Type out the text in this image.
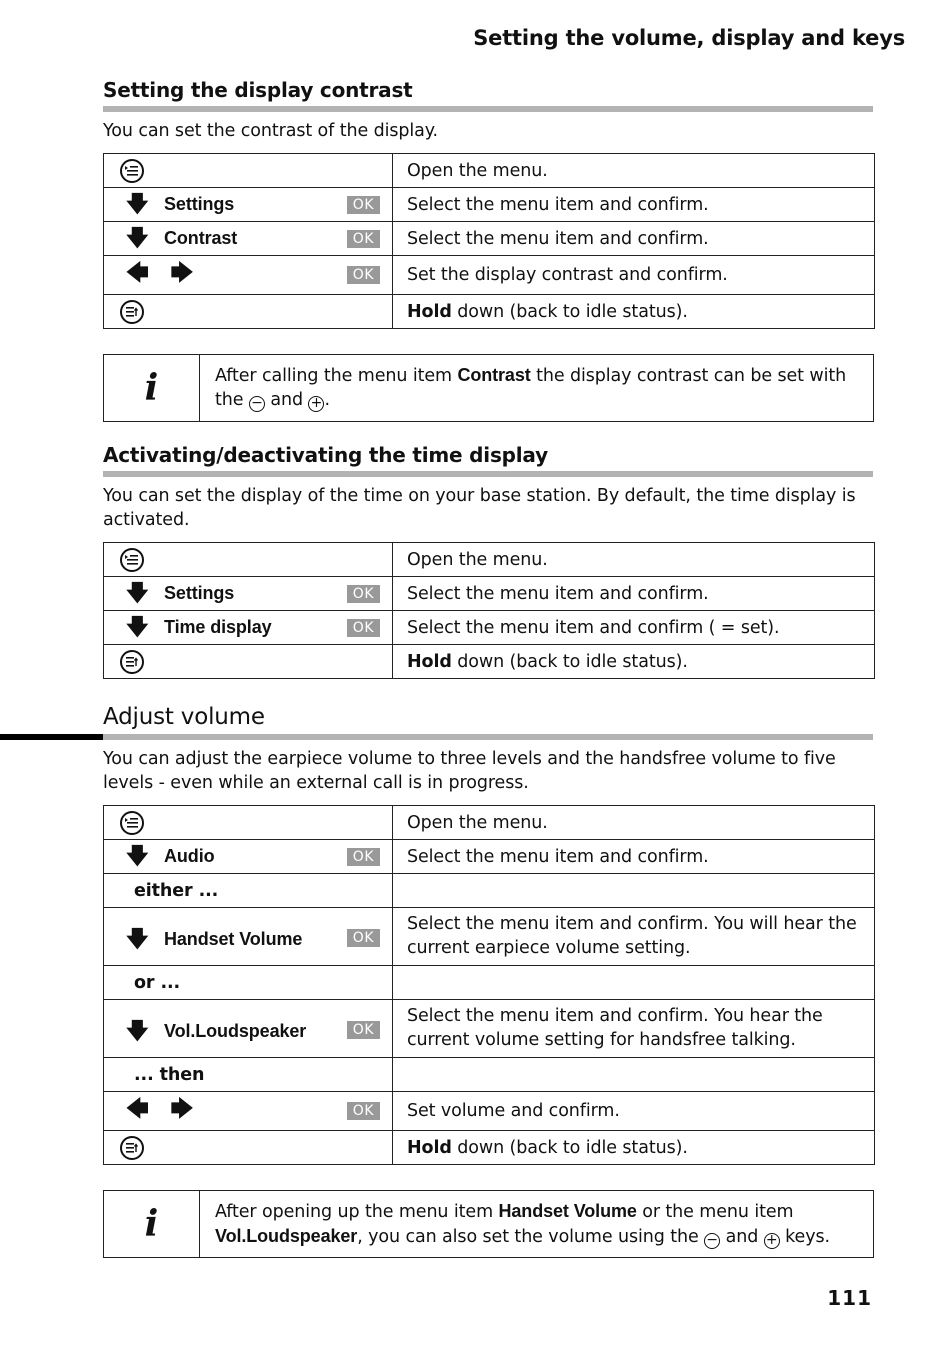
Setting the volume, display and keys
Setting the display contrast
You can set the contrast of the display.
	Open the menu.

🡇 Settings OK	Select the menu item and confirm.

🡇 Contrast OK	Select the menu item and confirm.

🡄 🡆 OK	Set the display contrast and confirm.

	Hold down (back to idle status).
i	After calling the menu item Contrast the display contrast can be set with the − and + .
Activating/deactivating the time display
You can set the display of the time on your base station. By default, the time display is activated.
	Open the menu.

🡇 Settings OK	Select the menu item and confirm.

🡇 Time display OK	Select the menu item and confirm ( = set).

	Hold down (back to idle status).
Adjust volume
You can adjust the earpiece volume to three levels and the handsfree volume to five levels - even while an external call is in progress.
	Open the menu.

🡇 Audio OK	Select the menu item and confirm.

either ...	

🡇 Handset Volume OK	Select the menu item and confirm. You will hear the current earpiece volume setting.

or ...	

🡇 Vol.Loudspeaker OK	Select the menu item and confirm. You hear the current volume setting for handsfree talking.

... then	

🡄 🡆 OK	Set volume and confirm.

	Hold down (back to idle status).
i	After opening up the menu item Handset Volume or the menu item Vol.Loudspeaker, you can also set the volume using the − and + keys.
111
